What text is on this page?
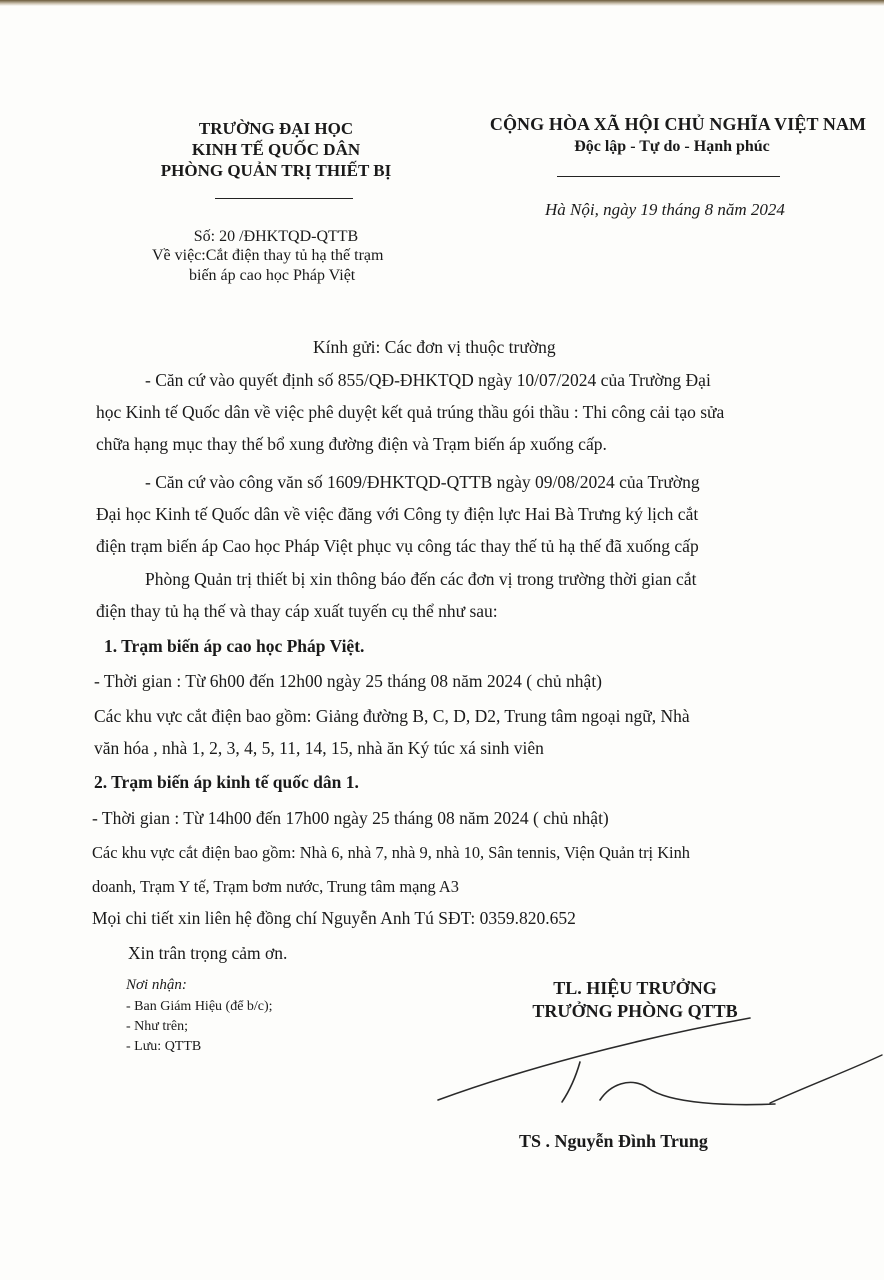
TRƯỜNG ĐẠI HỌC
KINH TẾ QUỐC DÂN
PHÒNG QUẢN TRỊ THIẾT BỊ
Số: 20 /ĐHKTQD-QTTB
Về việc:Cắt điện thay tủ hạ thế trạm
biến áp cao học Pháp Việt
CỘNG HÒA XÃ HỘI CHỦ NGHĨA VIỆT NAM
Độc lập - Tự do - Hạnh phúc
Hà Nội, ngày 19 tháng 8 năm 2024
Kính gửi: Các đơn vị thuộc trường
- Căn cứ vào quyết định số 855/QĐ-ĐHKTQD ngày 10/07/2024 của Trường Đại
học Kinh tế Quốc dân về việc phê duyệt kết quả trúng thầu gói thầu : Thi công cải tạo sửa
chữa hạng mục thay thế bổ xung đường điện và Trạm biến áp xuống cấp.
- Căn cứ vào công văn số 1609/ĐHKTQD-QTTB ngày 09/08/2024 của Trường
Đại học Kinh tế Quốc dân về việc đăng với Công ty điện lực Hai Bà Trưng ký lịch cắt
điện trạm biến áp Cao học Pháp Việt phục vụ công tác thay thế tủ hạ thế đã xuống cấp
Phòng Quản trị thiết bị xin thông báo đến các đơn vị trong trường thời gian cắt
điện thay tủ hạ thế và thay cáp xuất tuyến cụ thể như sau:
1. Trạm biến áp cao học Pháp Việt.
- Thời gian : Từ 6h00 đến 12h00 ngày 25 tháng 08 năm 2024 ( chủ nhật)
Các khu vực cắt điện bao gồm: Giảng đường B, C, D, D2, Trung tâm ngoại ngữ, Nhà
văn hóa , nhà 1, 2, 3, 4, 5, 11, 14, 15, nhà ăn Ký túc xá sinh viên
2. Trạm biến áp kinh tế quốc dân 1.
- Thời gian : Từ 14h00 đến 17h00 ngày 25 tháng 08 năm 2024 ( chủ nhật)
Các khu vực cắt điện bao gồm: Nhà 6, nhà 7, nhà 9, nhà 10, Sân tennis, Viện Quản trị Kinh
doanh, Trạm Y tế, Trạm bơm nước, Trung tâm mạng A3
Mọi chi tiết xin liên hệ đồng chí Nguyễn Anh Tú SĐT: 0359.820.652
Xin trân trọng cảm ơn.
Nơi nhận:
- Ban Giám Hiệu (để b/c);
- Như trên;
- Lưu: QTTB
TL. HIỆU TRƯỞNG
TRƯỞNG PHÒNG QTTB
TS . Nguyễn Đình Trung
